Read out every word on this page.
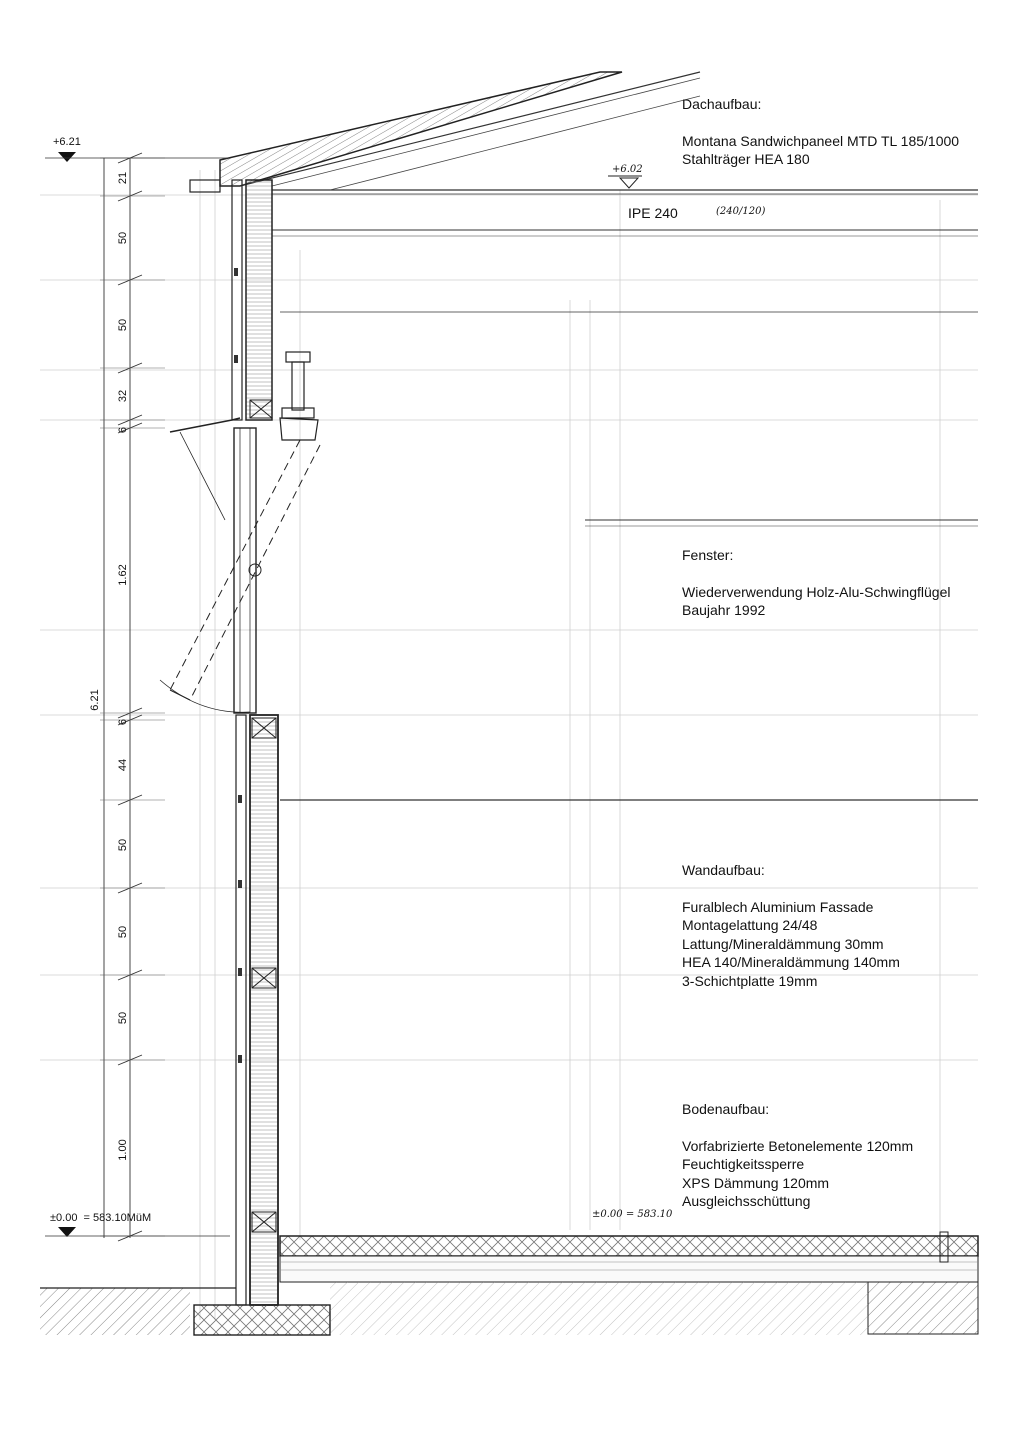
6.21
21
50
50
32
6
1.62
6
44
50
50
50
1.00
+6.21
±0.00  = 583.10MüM
+6.02
±0.00 = 583.10
IPE 240	(240/120)
Dachaufbau:
Montana Sandwichpaneel MTD TL 185/1000
Stahlträger HEA 180
Fenster:
Wiederverwendung Holz-Alu-Schwingflügel
Baujahr 1992
Wandaufbau:
Furalblech Aluminium Fassade
Montagelattung 24/48
Lattung/Mineraldämmung 30mm
HEA 140/Mineraldämmung 140mm
3-Schichtplatte 19mm
Bodenaufbau:
Vorfabrizierte Betonelemente 120mm
Feuchtigkeitssperre
XPS Dämmung 120mm
Ausgleichsschüttung
